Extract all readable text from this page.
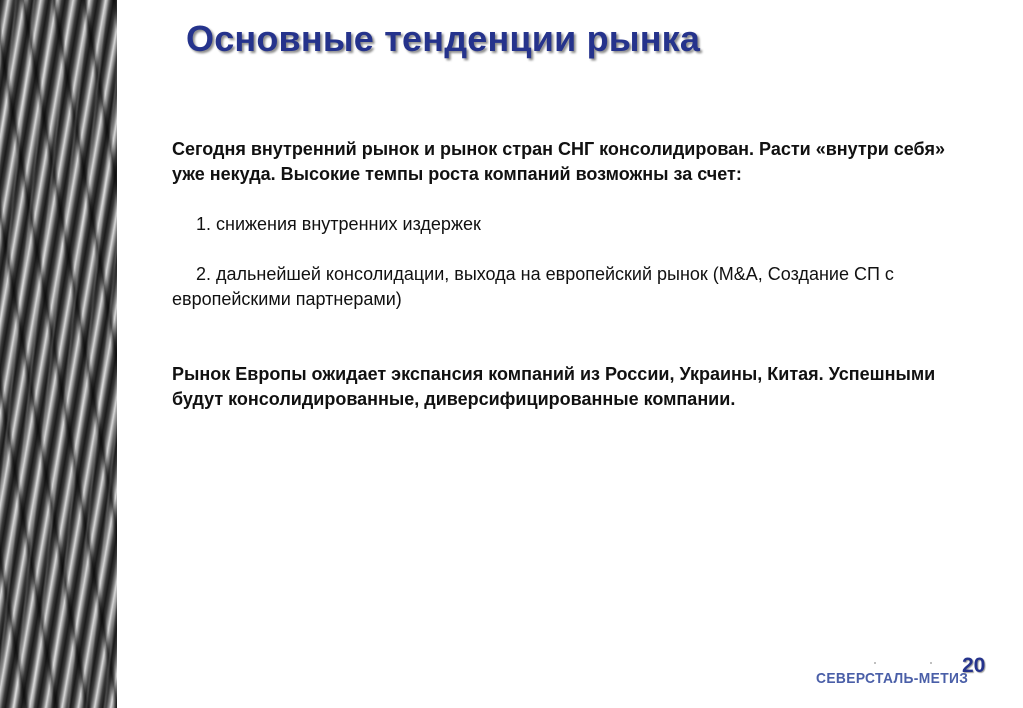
Основные тенденции рынка

Сегодня внутренний рынок и рынок стран СНГ консолидирован. Расти «внутри себя» уже некуда. Высокие темпы роста компаний возможны за счет:

1. снижения внутренних издержек

2. дальнейшей консолидации, выхода на европейский рынок (M&A, Создание СП с европейскими партнерами)

Рынок Европы ожидает экспансия компаний из России, Украины, Китая. Успешными будут консолидированные, диверсифицированные компании.

СЕВЕРСТАЛЬ-МЕТИЗ
20
